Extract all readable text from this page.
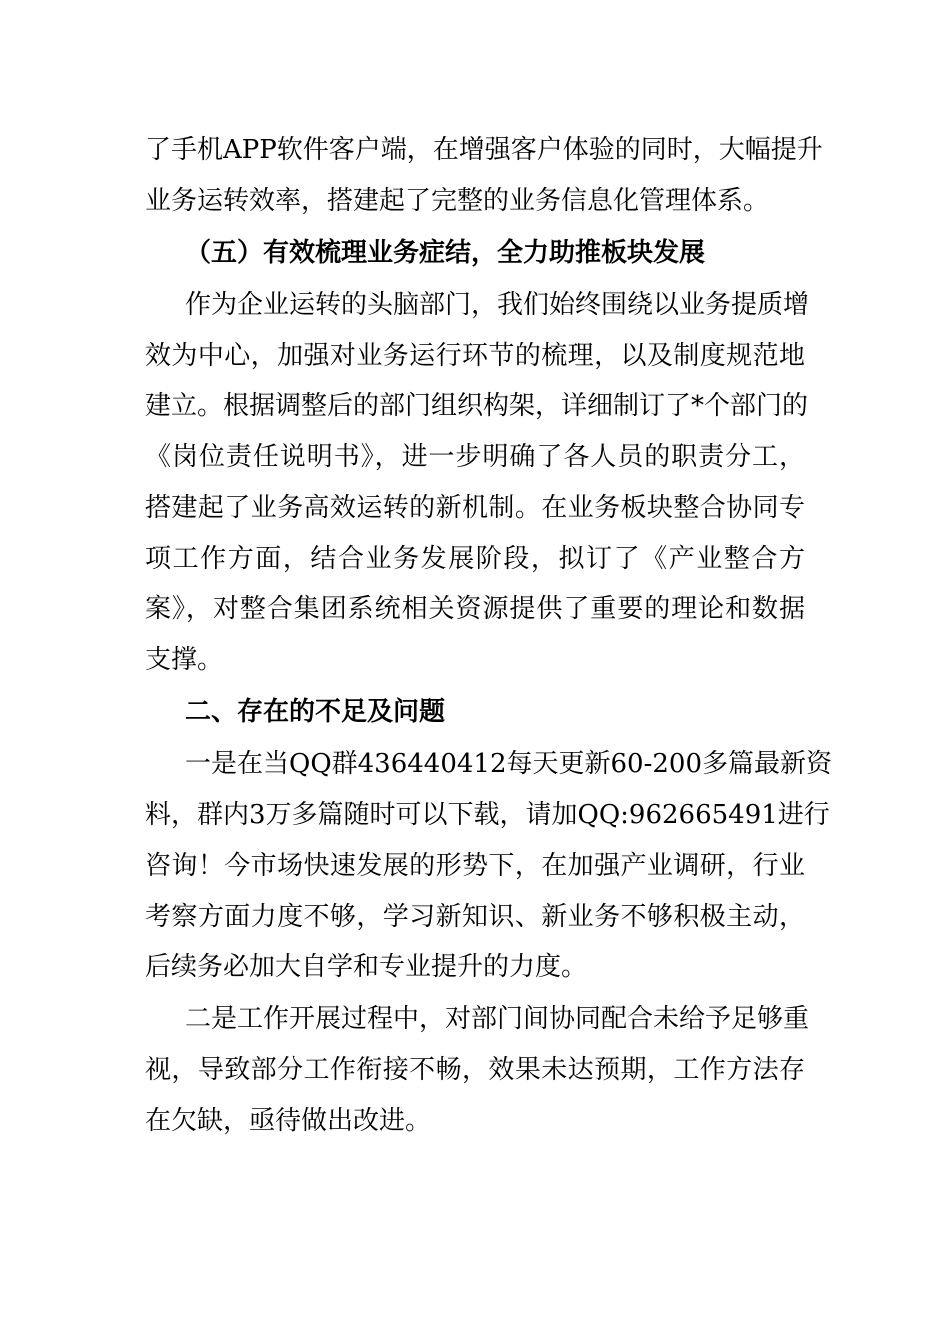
了手机APP软件客户端，在增强客户体验的同时，大幅提升
业务运转效率，搭建起了完整的业务信息化管理体系。
（五）有效梳理业务症结，全力助推板块发展
作为企业运转的头脑部门，我们始终围绕以业务提质增
效为中心，加强对业务运行环节的梳理，以及制度规范地
建立。根据调整后的部门组织构架，详细制订了*个部门的
《岗位责任说明书》，进一步明确了各人员的职责分工，
搭建起了业务高效运转的新机制。在业务板块整合协同专
项工作方面，结合业务发展阶段，拟订了《产业整合方
案》，对整合集团系统相关资源提供了重要的理论和数据
支撑。
二、存在的不足及问题
一是在当QQ群436440412每天更新60-200多篇最新资
料，群内3万多篇随时可以下载，请加QQ:962665491进行
咨询！今市场快速发展的形势下，在加强产业调研，行业
考察方面力度不够，学习新知识、新业务不够积极主动，
后续务必加大自学和专业提升的力度。
二是工作开展过程中，对部门间协同配合未给予足够重
视，导致部分工作衔接不畅，效果未达预期，工作方法存
在欠缺，亟待做出改进。
